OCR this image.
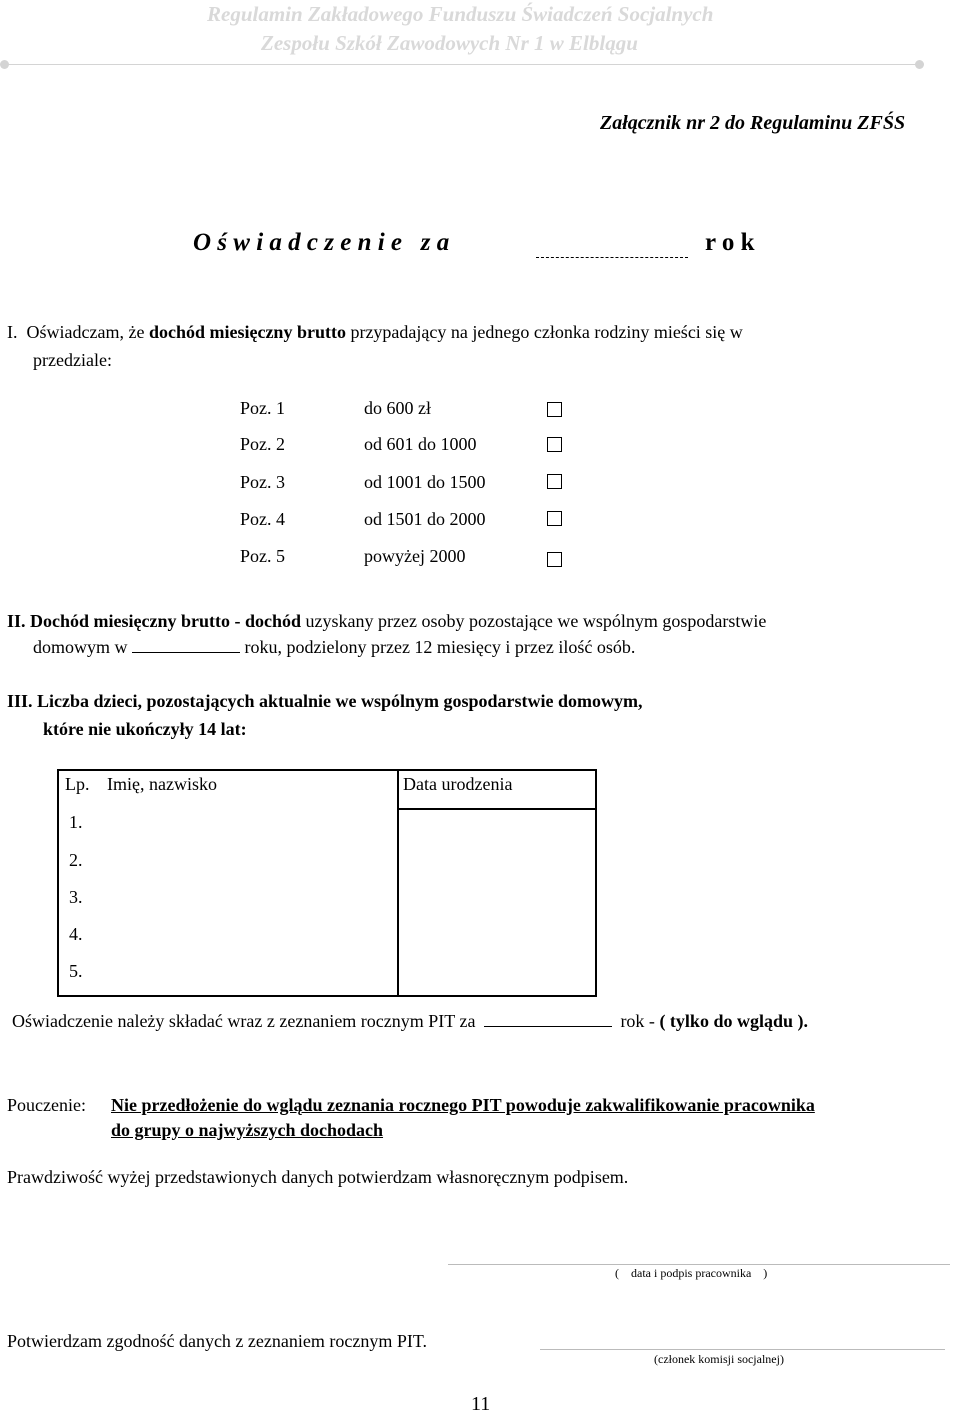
Regulamin Zakładowego Funduszu Świadczeń Socjalnych
Zespołu Szkół Zawodowych Nr 1 w Elblągu
Załącznik nr 2 do Regulaminu ZFŚS
O ś w i a d c z e n i e   z a	r o k
I. Oświadczam, że dochód miesięczny brutto przypadający na jednego członka rodziny mieści się w
przedziale:
Poz. 1	do 600 zł
Poz. 2	od 601 do 1000
Poz. 3	od 1001 do 1500
Poz. 4	od 1501 do 2000
Poz. 5	powyżej 2000
II. Dochód miesięczny brutto - dochód uzyskany przez osoby pozostające we wspólnym gospodarstwie
domowym w	roku, podzielony przez 12 miesięcy i przez ilość osób.
III. Liczba dzieci, pozostających aktualnie we wspólnym gospodarstwie domowym,
które nie ukończyły 14 lat:
Lp.	Imię, nazwisko	Data urodzenia
1.		
2.		
3.		
4.		
5.		
Oświadczenie należy składać wraz z zeznaniem rocznym PIT za	rok - ( tylko do wglądu ).
Pouczenie: Nie przedłożenie do wglądu zeznania rocznego PIT powoduje zakwalifikowanie pracownika
do grupy o najwyższych dochodach
Prawdziwość wyżej przedstawionych danych potwierdzam własnoręcznym podpisem.
(    data i podpis pracownika    )
Potwierdzam zgodność danych z zeznaniem rocznym PIT.
(członek komisji socjalnej)
11
